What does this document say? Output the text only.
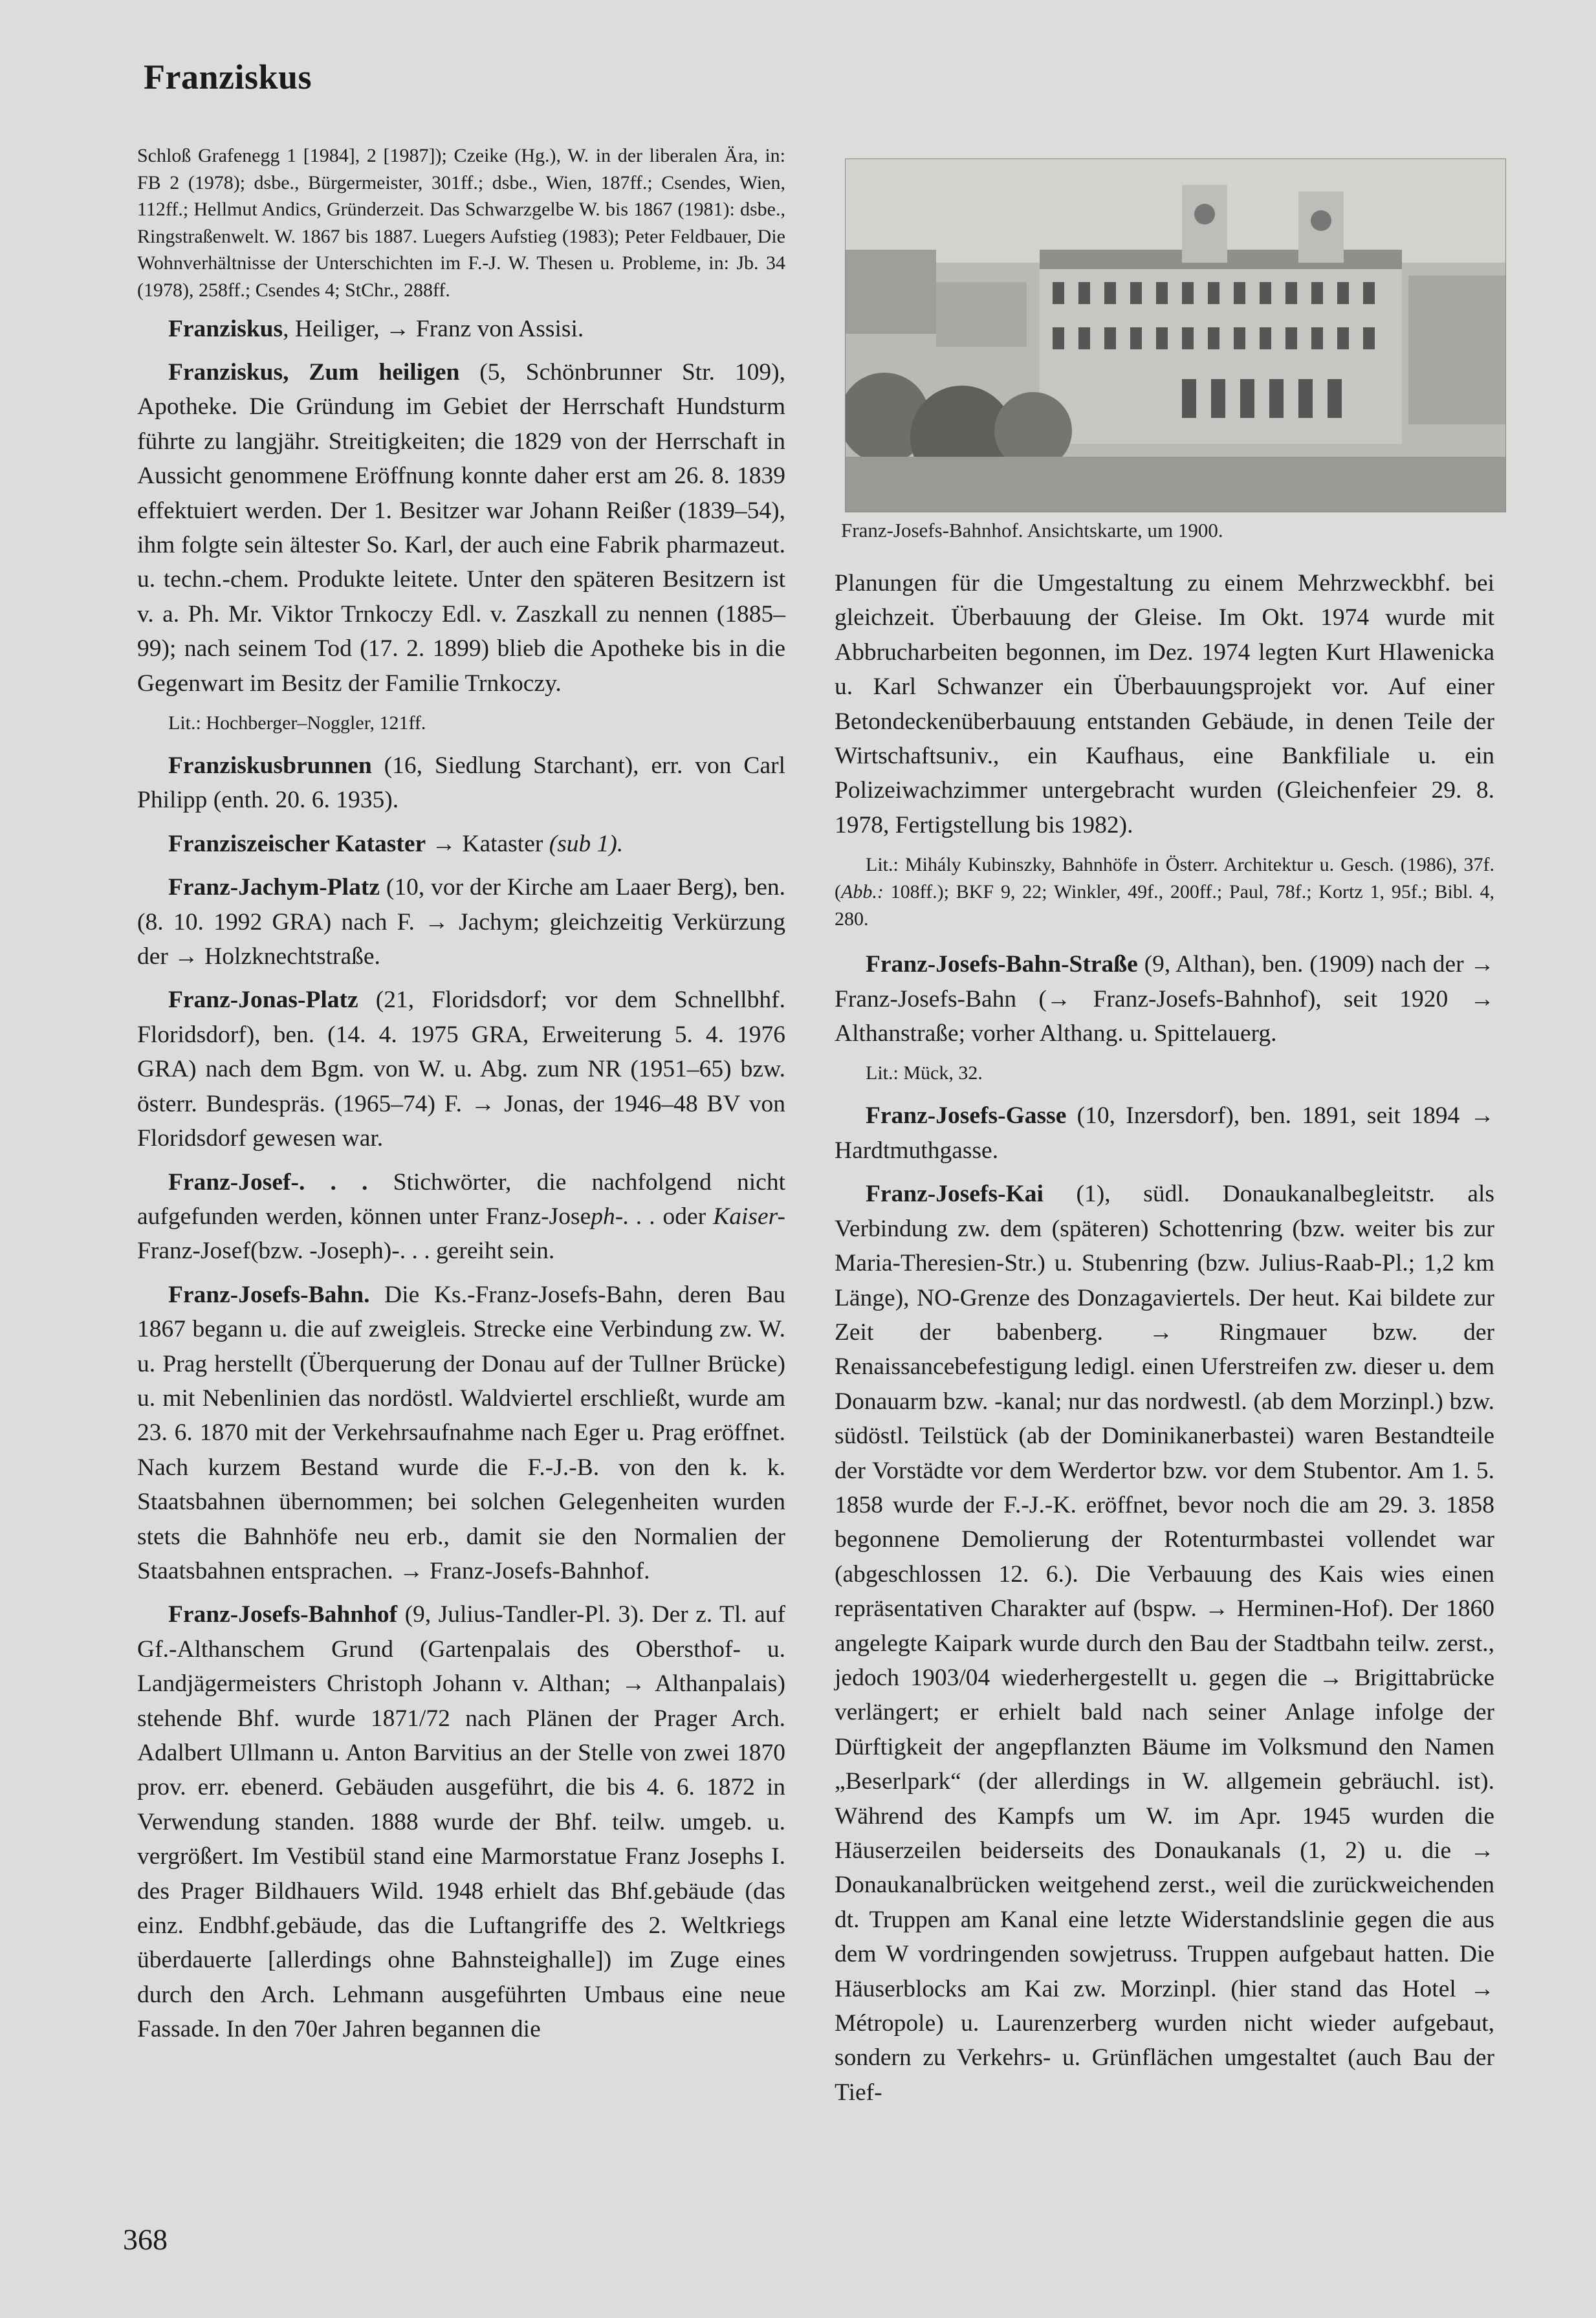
Franziskus

Schloß Grafenegg 1 [1984], 2 [1987]); Czeike (Hg.), W. in der liberalen Ära, in: FB 2 (1978); dsbe., Bürgermeister, 301ff.; dsbe., Wien, 187ff.; Csendes, Wien, 112ff.; Hellmut Andics, Gründerzeit. Das Schwarzgelbe W. bis 1867 (1981): dsbe., Ringstraßenwelt. W. 1867 bis 1887. Luegers Aufstieg (1983); Peter Feldbauer, Die Wohnverhältnisse der Unterschichten im F.-J. W. Thesen u. Probleme, in: Jb. 34 (1978), 258ff.; Csendes 4; StChr., 288ff.

Franziskus, Heiliger, → Franz von Assisi.

Franziskus, Zum heiligen (5, Schönbrunner Str. 109), Apotheke. Die Gründung im Gebiet der Herrschaft Hundsturm führte zu langjähr. Streitigkeiten; die 1829 von der Herrschaft in Aussicht genommene Eröffnung konnte daher erst am 26. 8. 1839 effektuiert werden. Der 1. Besitzer war Johann Reißer (1839–54), ihm folgte sein ältester So. Karl, der auch eine Fabrik pharmazeut. u. techn.-chem. Produkte leitete. Unter den späteren Besitzern ist v. a. Ph. Mr. Viktor Trnkoczy Edl. v. Zaszkall zu nennen (1885–99); nach seinem Tod (17. 2. 1899) blieb die Apotheke bis in die Gegenwart im Besitz der Familie Trnkoczy.

Lit.: Hochberger–Noggler, 121ff.

Franziskusbrunnen (16, Siedlung Starchant), err. von Carl Philipp (enth. 20. 6. 1935).

Franziszeischer Kataster → Kataster (sub 1).

Franz-Jachym-Platz (10, vor der Kirche am Laaer Berg), ben. (8. 10. 1992 GRA) nach F. → Jachym; gleichzeitig Verkürzung der → Holzknechtstraße.

Franz-Jonas-Platz (21, Floridsdorf; vor dem Schnellbhf. Floridsdorf), ben. (14. 4. 1975 GRA, Erweiterung 5. 4. 1976 GRA) nach dem Bgm. von W. u. Abg. zum NR (1951–65) bzw. österr. Bundespräs. (1965–74) F. → Jonas, der 1946–48 BV von Floridsdorf gewesen war.

Franz-Josef-. . . Stichwörter, die nachfolgend nicht aufgefunden werden, können unter Franz-Joseph-. . . oder Kaiser-Franz-Josef(bzw. -Joseph)-. . . gereiht sein.

Franz-Josefs-Bahn. Die Ks.-Franz-Josefs-Bahn, deren Bau 1867 begann u. die auf zweigleis. Strecke eine Verbindung zw. W. u. Prag herstellt (Überquerung der Donau auf der Tullner Brücke) u. mit Nebenlinien das nordöstl. Waldviertel erschließt, wurde am 23. 6. 1870 mit der Verkehrsaufnahme nach Eger u. Prag eröffnet. Nach kurzem Bestand wurde die F.-J.-B. von den k. k. Staatsbahnen übernommen; bei solchen Gelegenheiten wurden stets die Bahnhöfe neu erb., damit sie den Normalien der Staatsbahnen entsprachen. → Franz-Josefs-Bahnhof.

Franz-Josefs-Bahnhof (9, Julius-Tandler-Pl. 3). Der z. Tl. auf Gf.-Althanschem Grund (Gartenpalais des Obersthof- u. Landjägermeisters Christoph Johann v. Althan; → Althanpalais) stehende Bhf. wurde 1871/72 nach Plänen der Prager Arch. Adalbert Ullmann u. Anton Barvitius an der Stelle von zwei 1870 prov. err. ebenerd. Gebäuden ausgeführt, die bis 4. 6. 1872 in Verwendung standen. 1888 wurde der Bhf. teilw. umgeb. u. vergrößert. Im Vestibül stand eine Marmorstatue Franz Josephs I. des Prager Bildhauers Wild. 1948 erhielt das Bhf.gebäude (das einz. Endbhf.gebäude, das die Luftangriffe des 2. Weltkriegs überdauerte [allerdings ohne Bahnsteighalle]) im Zuge eines durch den Arch. Lehmann ausgeführten Umbaus eine neue Fassade. In den 70er Jahren begannen die

Franz-Josefs-Bahnhof. Ansichtskarte, um 1900.

Planungen für die Umgestaltung zu einem Mehrzweckbhf. bei gleichzeit. Überbauung der Gleise. Im Okt. 1974 wurde mit Abbrucharbeiten begonnen, im Dez. 1974 legten Kurt Hlawenicka u. Karl Schwanzer ein Überbauungsprojekt vor. Auf einer Betondeckenüberbauung entstanden Gebäude, in denen Teile der Wirtschaftsuniv., ein Kaufhaus, eine Bankfiliale u. ein Polizeiwachzimmer untergebracht wurden (Gleichenfeier 29. 8. 1978, Fertigstellung bis 1982).

Lit.: Mihály Kubinszky, Bahnhöfe in Österr. Architektur u. Gesch. (1986), 37f. (Abb.: 108ff.); BKF 9, 22; Winkler, 49f., 200ff.; Paul, 78f.; Kortz 1, 95f.; Bibl. 4, 280.

Franz-Josefs-Bahn-Straße (9, Althan), ben. (1909) nach der → Franz-Josefs-Bahn (→ Franz-Josefs-Bahnhof), seit 1920 → Althanstraße; vorher Althang. u. Spittelauerg.

Lit.: Mück, 32.

Franz-Josefs-Gasse (10, Inzersdorf), ben. 1891, seit 1894 → Hardtmuthgasse.

Franz-Josefs-Kai (1), südl. Donaukanalbegleitstr. als Verbindung zw. dem (späteren) Schottenring (bzw. weiter bis zur Maria-Theresien-Str.) u. Stubenring (bzw. Julius-Raab-Pl.; 1,2 km Länge), NO-Grenze des Donzagaviertels. Der heut. Kai bildete zur Zeit der babenberg. → Ringmauer bzw. der Renaissancebefestigung ledigl. einen Uferstreifen zw. dieser u. dem Donauarm bzw. -kanal; nur das nordwestl. (ab dem Morzinpl.) bzw. südöstl. Teilstück (ab der Dominikanerbastei) waren Bestandteile der Vorstädte vor dem Werdertor bzw. vor dem Stubentor. Am 1. 5. 1858 wurde der F.-J.-K. eröffnet, bevor noch die am 29. 3. 1858 begonnene Demolierung der Rotenturmbastei vollendet war (abgeschlossen 12. 6.). Die Verbauung des Kais wies einen repräsentativen Charakter auf (bspw. → Herminen-Hof). Der 1860 angelegte Kaipark wurde durch den Bau der Stadtbahn teilw. zerst., jedoch 1903/04 wiederhergestellt u. gegen die → Brigittabrücke verlängert; er erhielt bald nach seiner Anlage infolge der Dürftigkeit der angepflanzten Bäume im Volksmund den Namen „Beserlpark“ (der allerdings in W. allgemein gebräuchl. ist). Während des Kampfs um W. im Apr. 1945 wurden die Häuserzeilen beiderseits des Donaukanals (1, 2) u. die → Donaukanalbrücken weitgehend zerst., weil die zurückweichenden dt. Truppen am Kanal eine letzte Widerstandslinie gegen die aus dem W vordringenden sowjetruss. Truppen aufgebaut hatten. Die Häuserblocks am Kai zw. Morzinpl. (hier stand das Hotel → Métropole) u. Laurenzerberg wurden nicht wieder aufgebaut, sondern zu Verkehrs- u. Grünflächen umgestaltet (auch Bau der Tief-

368
